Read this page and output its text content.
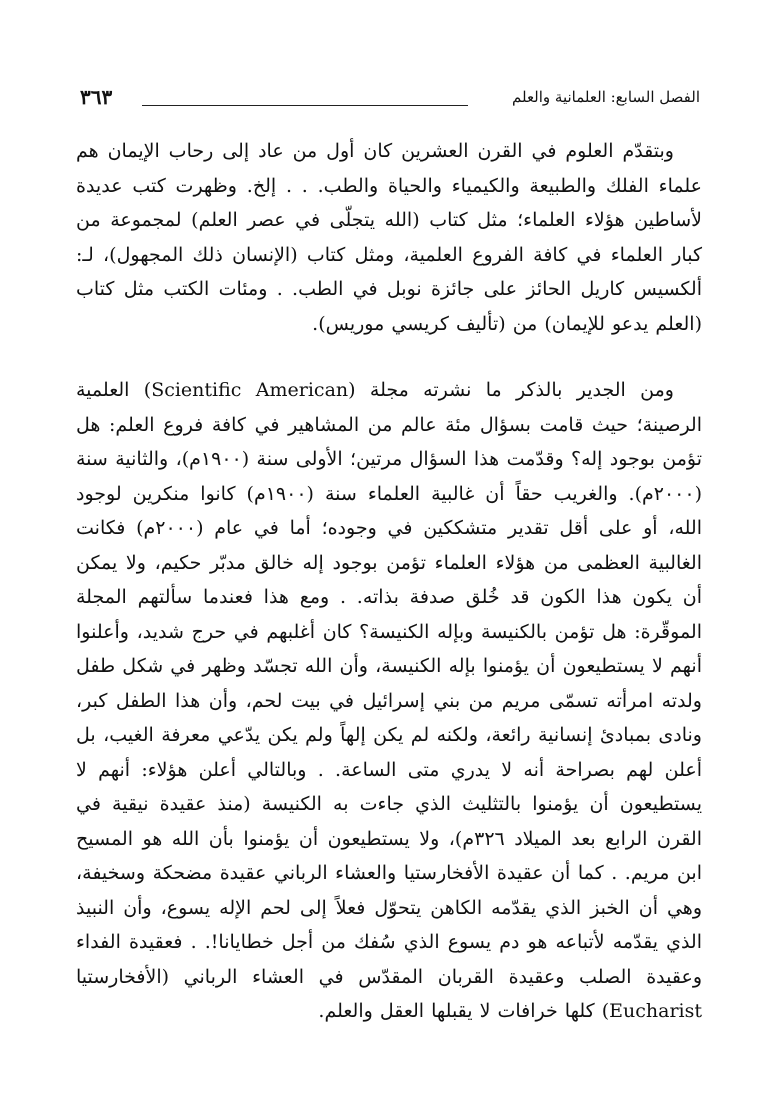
الفصل السابع: العلمانية والعلم
٣٦٣

وبتقدّم العلوم في القرن العشرين كان أول من عاد إلى رحاب الإيمان هم علماء الفلك والطبيعة والكيمياء والحياة والطب. . . إلخ. وظهرت كتب عديدة لأساطين هؤلاء العلماء؛ مثل كتاب (الله يتجلّى في عصر العلم) لمجموعة من كبار العلماء في كافة الفروع العلمية، ومثل كتاب (الإنسان ذلك المجهول)، لـ: ألكسيس كاريل الحائز على جائزة نوبل في الطب. . ومئات الكتب مثل كتاب (العلم يدعو للإيمان) من (تأليف كريسي موريس).

ومن الجدير بالذكر ما نشرته مجلة (Scientific American) العلمية الرصينة؛ حيث قامت بسؤال مئة عالم من المشاهير في كافة فروع العلم: هل تؤمن بوجود إله؟ وقدّمت هذا السؤال مرتين؛ الأولى سنة (١٩٠٠م)، والثانية سنة (٢٠٠٠م). والغريب حقاً أن غالبية العلماء سنة (١٩٠٠م) كانوا منكرين لوجود الله، أو على أقل تقدير متشككين في وجوده؛ أما في عام (٢٠٠٠م) فكانت الغالبية العظمى من هؤلاء العلماء تؤمن بوجود إله خالق مدبّر حكيم، ولا يمكن أن يكون هذا الكون قد خُلق صدفة بذاته. . ومع هذا فعندما سألتهم المجلة الموقّرة: هل تؤمن بالكنيسة وبإله الكنيسة؟ كان أغلبهم في حرج شديد، وأعلنوا أنهم لا يستطيعون أن يؤمنوا بإله الكنيسة، وأن الله تجسّد وظهر في شكل طفل ولدته امرأته تسمّى مريم من بني إسرائيل في بيت لحم، وأن هذا الطفل كبر، ونادى بمبادئ إنسانية رائعة، ولكنه لم يكن إلهاً ولم يكن يدّعي معرفة الغيب، بل أعلن لهم بصراحة أنه لا يدري متى الساعة. . وبالتالي أعلن هؤلاء: أنهم لا يستطيعون أن يؤمنوا بالتثليث الذي جاءت به الكنيسة (منذ عقيدة نيقية في القرن الرابع بعد الميلاد ٣٢٦م)، ولا يستطيعون أن يؤمنوا بأن الله هو المسيح ابن مريم. . كما أن عقيدة الأفخارستيا والعشاء الرباني عقيدة مضحكة وسخيفة، وهي أن الخبز الذي يقدّمه الكاهن يتحوّل فعلاً إلى لحم الإله يسوع، وأن النبيذ الذي يقدّمه لأتباعه هو دم يسوع الذي سُفك من أجل خطايانا!. . فعقيدة الفداء وعقيدة الصلب وعقيدة القربان المقدّس في العشاء الرباني (الأفخارستيا Eucharist) كلها خرافات لا يقبلها العقل والعلم.
